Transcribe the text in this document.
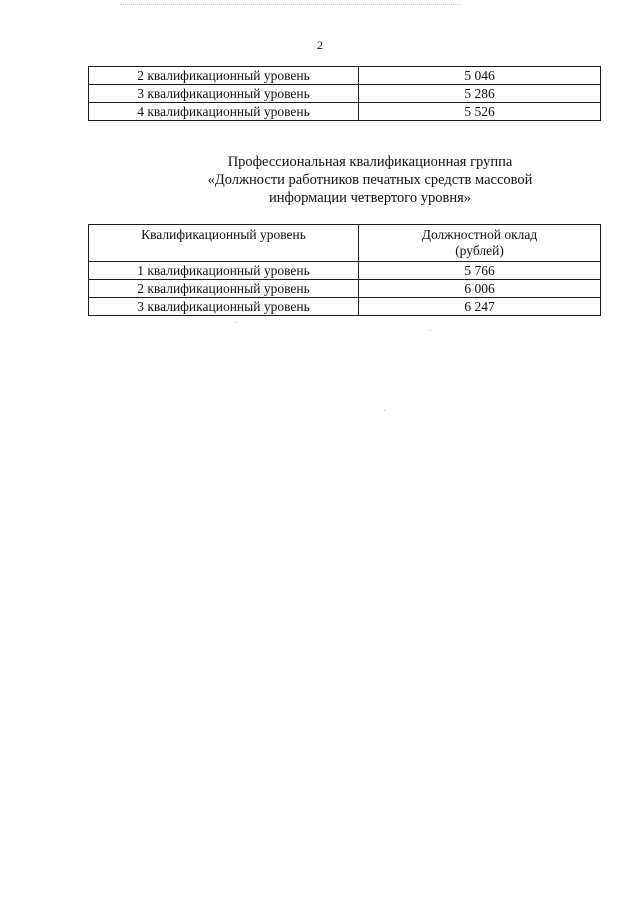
2
2 квалификационный уровень	5 046
3 квалификационный уровень	5 286
4 квалификационный уровень	5 526
Профессиональная квалификационная группа
«Должности работников печатных средств массовой
информации четвертого уровня»
Квалификационный уровень	Должностной оклад
(рублей)

1 квалификационный уровень	5 766
2 квалификационный уровень	6 006
3 квалификационный уровень	6 247
